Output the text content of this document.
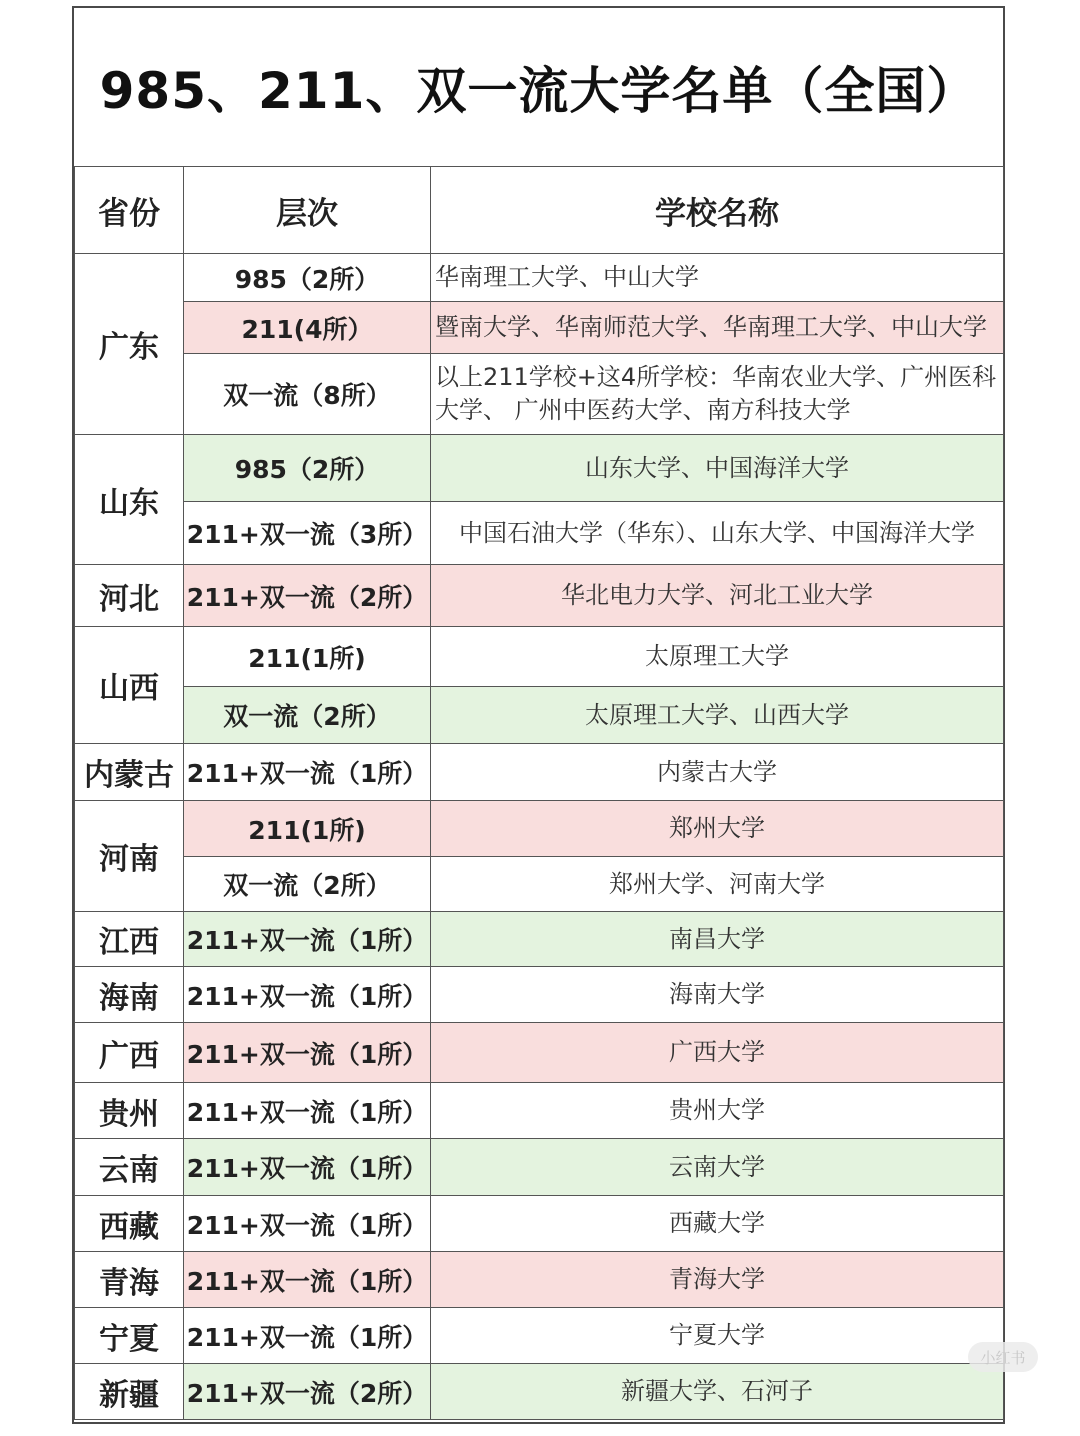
985、211、双一流大学名单（全国）
省份	层次	学校名称
广东	985（2所）	华南理工大学、中山大学
	211(4所）	暨南大学、华南师范大学、华南理工大学、中山大学
	双一流（8所）	以上211学校+这4所学校：华南农业大学、广州医科大学、 广州中医药大学、南方科技大学
山东	985（2所）	山东大学、中国海洋大学
	211+双一流（3所）	中国石油大学（华东）、山东大学、中国海洋大学
河北	211+双一流（2所）	华北电力大学、河北工业大学
山西	211(1所)	太原理工大学
	双一流（2所）	太原理工大学、山西大学
内蒙古	211+双一流（1所）	内蒙古大学
河南	211(1所)	郑州大学
	双一流（2所）	郑州大学、河南大学
江西	211+双一流（1所）	南昌大学
海南	211+双一流（1所）	海南大学
广西	211+双一流（1所）	广西大学
贵州	211+双一流（1所）	贵州大学
云南	211+双一流（1所）	云南大学
西藏	211+双一流（1所）	西藏大学
青海	211+双一流（1所）	青海大学
宁夏	211+双一流（1所）	宁夏大学
新疆	211+双一流（2所）	新疆大学、石河子
小红书
